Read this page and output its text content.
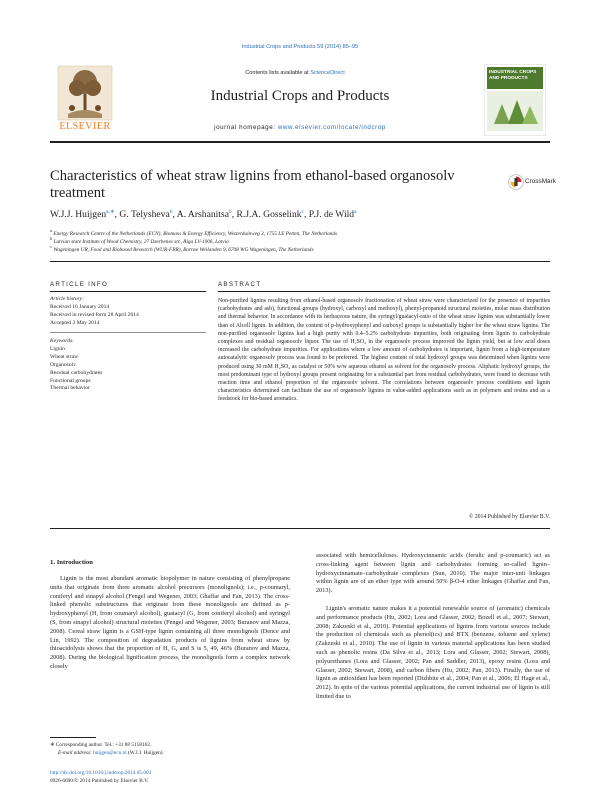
Industrial Crops and Products 59 (2014) 85–95
ELSEVIER
Contents lists available at ScienceDirect
Industrial Crops and Products
journal homepage: www.elsevier.com/locate/indcrop
INDUSTRIAL CROPS AND PRODUCTS
CrossMark
Characteristics of wheat straw lignins from ethanol-based organosolv treatment
W.J.J. Huijgen$^{a,∗}$, G. Telysheva$^b$, A. Arshanitsa$^b$, R.J.A. Gosselink$^c$, P.J. de Wild$^a$
$^a$ Energy Research Centre of the Netherlands (ECN), Biomass & Energy Efficiency, Westerduinweg 3, 1755 LE Petten, The Netherlands
$^b$ Latvian state Institute of Wood Chemistry, 27 Dzerbenes str., Riga LV-1006, Latvia
$^c$ Wageningen UR, Food and Biobased Research (WUR-FBR), Bornse Weilanden 9, 6708 WG Wageningen, The Netherlands
ARTICLE INFO	ABSTRACT
Article history:
Received 16 January 2014
Received in revised form 28 April 2014
Accepted 3 May 2014
Keywords:
Lignin
Wheat straw
Organosolv
Residual carbohydrates
Functional groups
Thermal behavior
Non-purified lignins resulting from ethanol-based organosolv fractionation of wheat straw were characterized for the presence of impurities (carbohydrates and ash), functional groups (hydroxyl, carboxyl and methoxyl), phenyl-propanoid structural moieties, molar mass distribution and thermal behavior. In accordance with its herbaceous nature, the syringyl/guaiacyl-ratio of the wheat straw lignins was substantially lower than of Alcell lignin. In addition, the content of p-hydroxyphenyl and carboxyl groups is substantially higher for the wheat straw lignins. The non-purified organosolv lignins had a high purity with 0.4–5.2% carbohydrate impurities, both originating from lignin to carbohydrate complexes and residual organosolv liquor. The use of H₂SO₄ in the organosolv process improved the lignin yield, but at low acid doses increased the carbohydrate impurities. For applications where a low amount of carbohydrates is important, lignin from a high-temperature autocatalytic organosolv process was found to be preferred. The highest content of total hydroxyl groups was determined when lignins were produced using 30 mM H₂SO₄ as catalyst or 50% w/w aqueous ethanol as solvent for the organosolv process. Aliphatic hydroxyl groups, the most predominant type of hydroxyl groups present originating for a substantial part from residual carbohydrates, were found to decrease with reaction time and ethanol proportion of the organosolv solvent. The correlations between organosolv process conditions and lignin characteristics determined can facilitate the use of organosolv lignins in value-added applications such as in polymers and resins and as a feedstock for bio-based aromatics.
© 2014 Published by Elsevier B.V.
1. Introduction
Lignin is the most abundant aromatic biopolymer in nature consisting of phenylpropane units that originate from three aromatic alcohol precursors (monolignols); i.e., p-coumaryl, coniferyl and sinapyl alcohol (Fengel and Wegener, 2003; Ghaffar and Fan, 2013). The cross-linked phenolic substructures that originate from these monolignols are defined as p-hydroxyphenyl (H, from coumaryl alcohol), guaiacyl (G, from coniferyl alcohol) and syringyl (S, from sinapyl alcohol) structural moieties (Fengel and Wegener, 2003; Buranov and Mazza, 2008). Cereal straw lignin is a GSH-type lignin containing all three monolignols (Dence and Lin, 1992). The composition of degradation products of lignins from wheat straw by thioacidolysis shows that the proportion of H, G, and S is 5, 49, 46% (Buranov and Mazza, 2008). During the biological lignification process, the monolignols form a complex network closely
associated with hemicelluloses. Hydroxycinnamic acids (ferulic and p-coumaric) act as cross-linking agent between lignin and carbohydrates forming so-called lignin–hydroxycinnamate–carbohydrate complexes (Sun, 2010). The major inter-unit linkages within lignin are of an ether type with around 50% β-O-4 ether linkages (Ghaffar and Fan, 2013).
Lignin's aromatic nature makes it a potential renewable source of (aromatic) chemicals and performance products (Hu, 2002; Lora and Glasser, 2002; Bozell et al., 2007; Stewart, 2008; Zakzeski et al., 2010). Potential applications of lignins from various sources include the production of chemicals such as phenol(ics) and BTX (benzene, toluene and xylene) (Zakzeski et al., 2010). The use of lignin in various material applications has been studied such as phenolic resins (Da Silva et al., 2013; Lora and Glasser, 2002; Stewart, 2008), polyurethanes (Lora and Glasser, 2002; Pan and Saddler, 2013), epoxy resins (Lora and Glasser, 2002; Stewart, 2008), and carbon fibers (Hu, 2002; Pan, 2013). Finally, the use of lignin as antioxidant has been reported (Dizhbite et al., 2004; Pan et al., 2006; El Hage et al., 2012). In spite of the various potential applications, the current industrial use of lignin is still limited due to
∗ Corresponding author. Tel.: +31 88 5158162.
E-mail address: huijgen@ecn.nl (W.J.J. Huijgen).
http://dx.doi.org/10.1016/j.indcrop.2014.05.003
0926-6690/© 2014 Published by Elsevier B.V.
